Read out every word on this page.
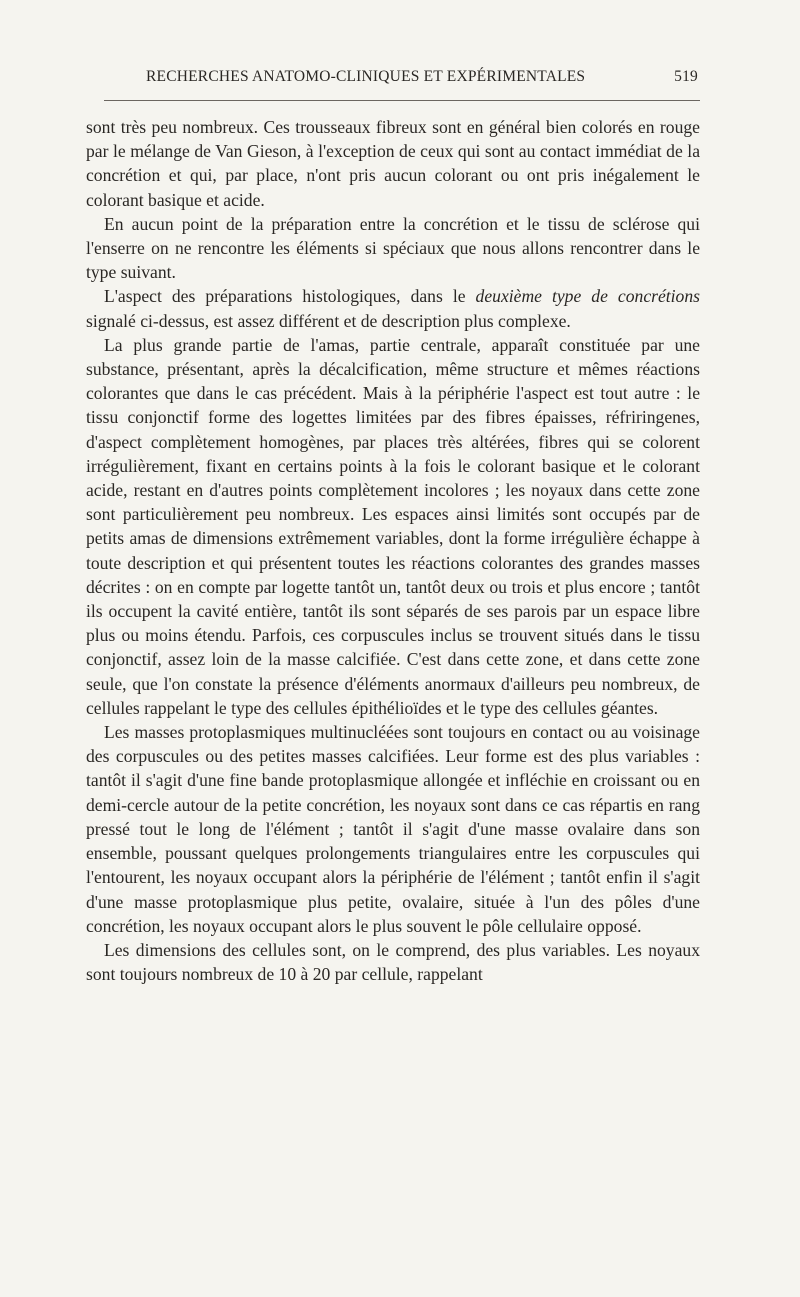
RECHERCHES ANATOMO-CLINIQUES ET EXPÉRIMENTALES	519

sont très peu nombreux. Ces trousseaux fibreux sont en général bien colorés en rouge par le mélange de Van Gieson, à l'exception de ceux qui sont au contact immédiat de la concrétion et qui, par place, n'ont pris aucun colorant ou ont pris inégalement le colorant basique et acide.

En aucun point de la préparation entre la concrétion et le tissu de sclérose qui l'enserre on ne rencontre les éléments si spéciaux que nous allons rencontrer dans le type suivant.

L'aspect des préparations histologiques, dans le deuxième type de concrétions signalé ci-dessus, est assez différent et de description plus complexe.

La plus grande partie de l'amas, partie centrale, apparaît constituée par une substance, présentant, après la décalcification, même structure et mêmes réactions colorantes que dans le cas précédent. Mais à la périphérie l'aspect est tout autre : le tissu conjonctif forme des logettes limitées par des fibres épaisses, réfriringenes, d'aspect complètement homogènes, par places très altérées, fibres qui se colorent irrégulièrement, fixant en certains points à la fois le colorant basique et le colorant acide, restant en d'autres points complètement incolores ; les noyaux dans cette zone sont particulièrement peu nombreux. Les espaces ainsi limités sont occupés par de petits amas de dimensions extrêmement variables, dont la forme irrégulière échappe à toute description et qui présentent toutes les réactions colorantes des grandes masses décrites : on en compte par logette tantôt un, tantôt deux ou trois et plus encore ; tantôt ils occupent la cavité entière, tantôt ils sont séparés de ses parois par un espace libre plus ou moins étendu. Parfois, ces corpuscules inclus se trouvent situés dans le tissu conjonctif, assez loin de la masse calcifiée. C'est dans cette zone, et dans cette zone seule, que l'on constate la présence d'éléments anormaux d'ailleurs peu nombreux, de cellules rappelant le type des cellules épithélioïdes et le type des cellules géantes.

Les masses protoplasmiques multinucléées sont toujours en contact ou au voisinage des corpuscules ou des petites masses calcifiées. Leur forme est des plus variables : tantôt il s'agit d'une fine bande protoplasmique allongée et infléchie en croissant ou en demi-cercle autour de la petite concrétion, les noyaux sont dans ce cas répartis en rang pressé tout le long de l'élément ; tantôt il s'agit d'une masse ovalaire dans son ensemble, poussant quelques prolongements triangulaires entre les corpuscules qui l'entourent, les noyaux occupant alors la périphérie de l'élément ; tantôt enfin il s'agit d'une masse protoplasmique plus petite, ovalaire, située à l'un des pôles d'une concrétion, les noyaux occupant alors le plus souvent le pôle cellulaire opposé.

Les dimensions des cellules sont, on le comprend, des plus variables. Les noyaux sont toujours nombreux de 10 à 20 par cellule, rappelant
